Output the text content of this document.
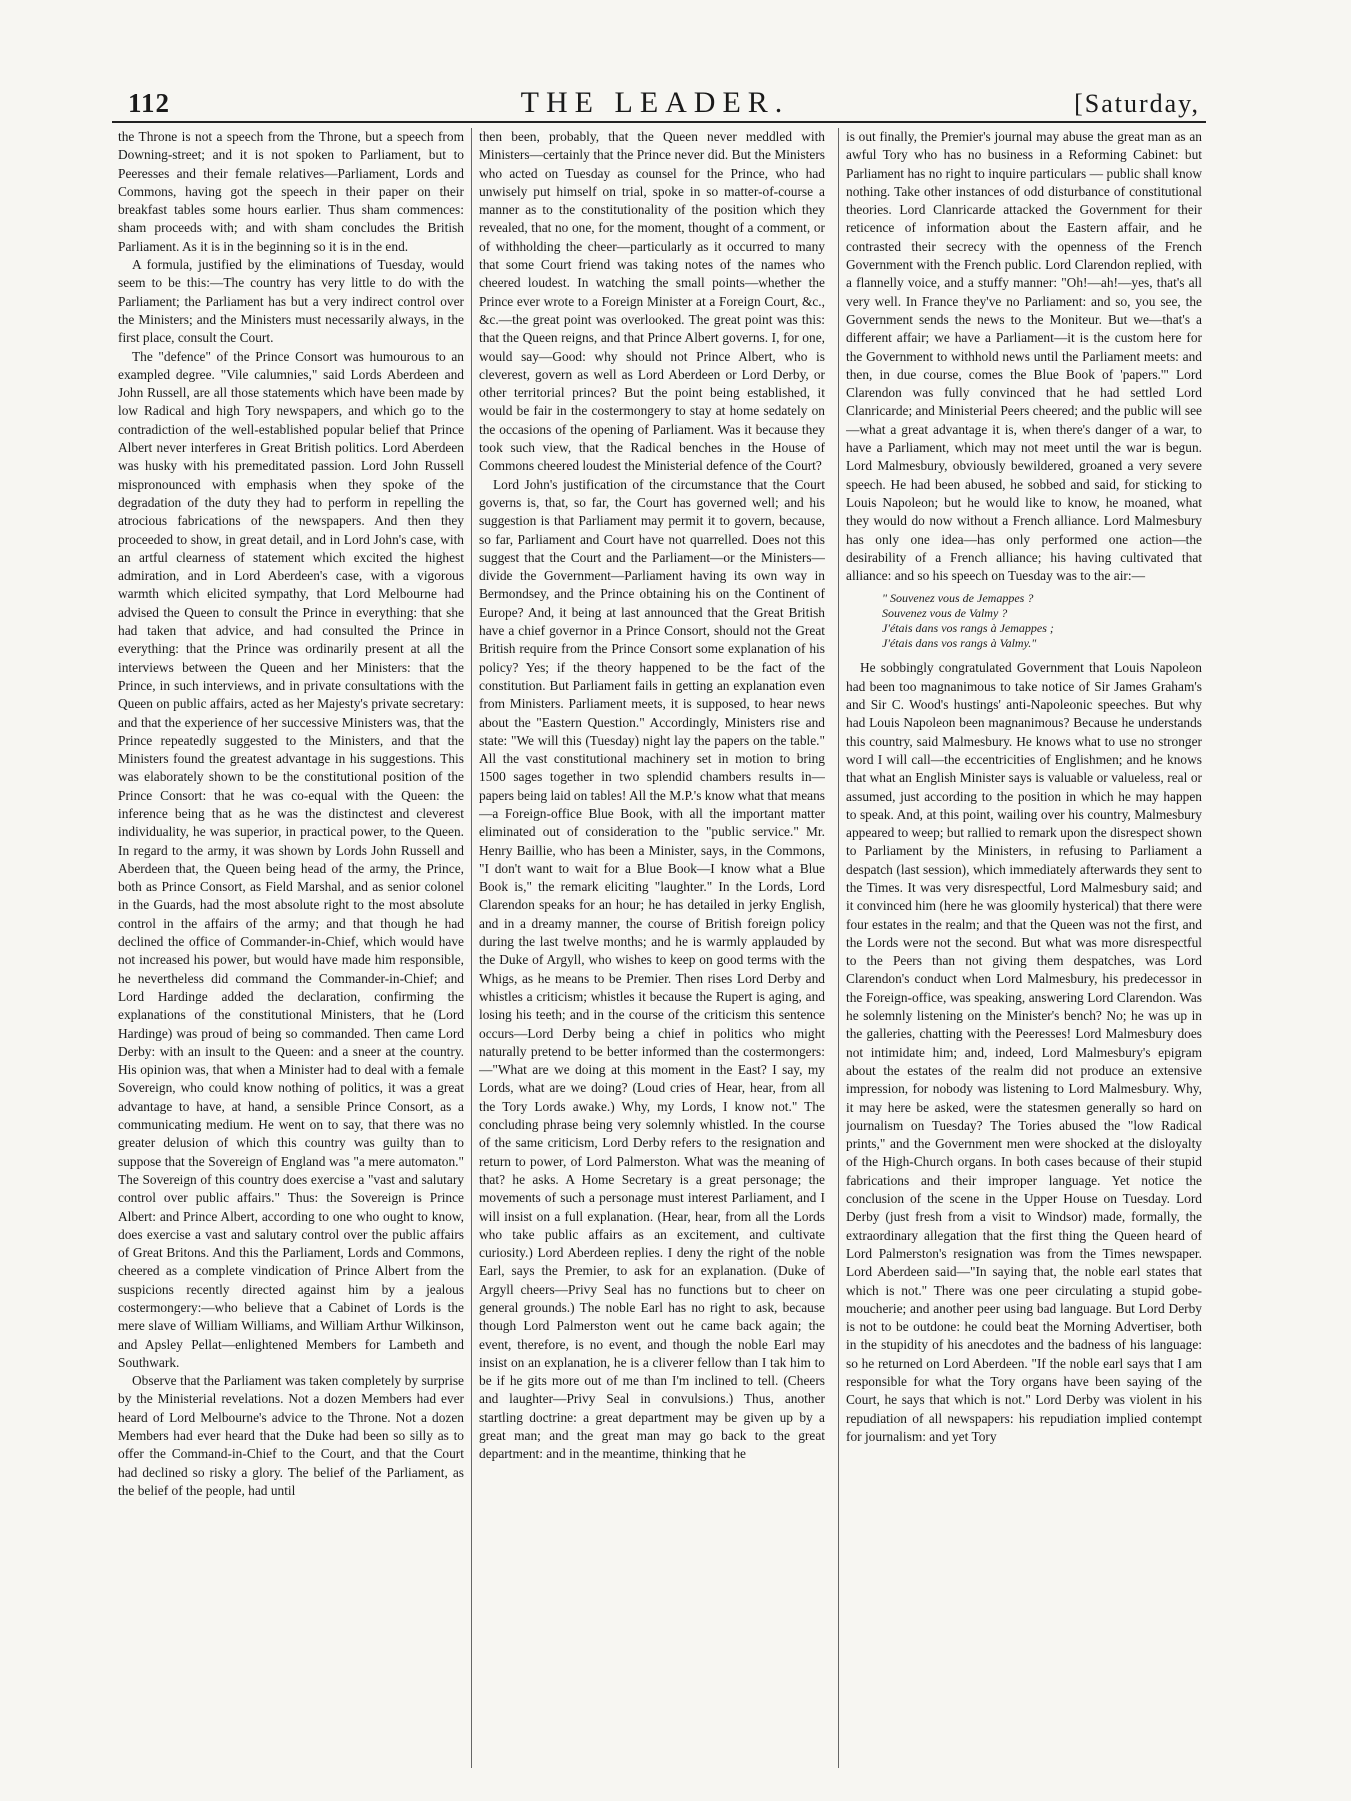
112	THE LEADER.	[Saturday,

the Throne is not a speech from the Throne, but a speech from Downing-street; and it is not spoken to Parliament, but to Peeresses and their female relatives—Parliament, Lords and Commons, having got the speech in their paper on their breakfast tables some hours earlier. Thus sham commences: sham proceeds with; and with sham concludes the British Parliament. As it is in the beginning so it is in the end.

A formula, justified by the eliminations of Tuesday, would seem to be this:—The country has very little to do with the Parliament; the Parliament has but a very indirect control over the Ministers; and the Ministers must necessarily always, in the first place, consult the Court.

The "defence" of the Prince Consort was humourous to an exampled degree. "Vile calumnies," said Lords Aberdeen and John Russell, are all those statements which have been made by low Radical and high Tory newspapers, and which go to the contradiction of the well-established popular belief that Prince Albert never interferes in Great British politics. Lord Aberdeen was husky with his premeditated passion. Lord John Russell mispronounced with emphasis when they spoke of the degradation of the duty they had to perform in repelling the atrocious fabrications of the newspapers. And then they proceeded to show, in great detail, and in Lord John's case, with an artful clearness of statement which excited the highest admiration, and in Lord Aberdeen's case, with a vigorous warmth which elicited sympathy, that Lord Melbourne had advised the Queen to consult the Prince in everything: that she had taken that advice, and had consulted the Prince in everything: that the Prince was ordinarily present at all the interviews between the Queen and her Ministers: that the Prince, in such interviews, and in private consultations with the Queen on public affairs, acted as her Majesty's private secretary: and that the experience of her successive Ministers was, that the Prince repeatedly suggested to the Ministers, and that the Ministers found the greatest advantage in his suggestions. This was elaborately shown to be the constitutional position of the Prince Consort: that he was co-equal with the Queen: the inference being that as he was the distinctest and cleverest individuality, he was superior, in practical power, to the Queen. In regard to the army, it was shown by Lords John Russell and Aberdeen that, the Queen being head of the army, the Prince, both as Prince Consort, as Field Marshal, and as senior colonel in the Guards, had the most absolute right to the most absolute control in the affairs of the army; and that though he had declined the office of Commander-in-Chief, which would have not increased his power, but would have made him responsible, he nevertheless did command the Commander-in-Chief; and Lord Hardinge added the declaration, confirming the explanations of the constitutional Ministers, that he (Lord Hardinge) was proud of being so commanded. Then came Lord Derby: with an insult to the Queen: and a sneer at the country. His opinion was, that when a Minister had to deal with a female Sovereign, who could know nothing of politics, it was a great advantage to have, at hand, a sensible Prince Consort, as a communicating medium. He went on to say, that there was no greater delusion of which this country was guilty than to suppose that the Sovereign of England was "a mere automaton." The Sovereign of this country does exercise a "vast and salutary control over public affairs." Thus: the Sovereign is Prince Albert: and Prince Albert, according to one who ought to know, does exercise a vast and salutary control over the public affairs of Great Britons. And this the Parliament, Lords and Commons, cheered as a complete vindication of Prince Albert from the suspicions recently directed against him by a jealous costermongery:—who believe that a Cabinet of Lords is the mere slave of William Williams, and William Arthur Wilkinson, and Apsley Pellat—enlightened Members for Lambeth and Southwark.

Observe that the Parliament was taken completely by surprise by the Ministerial revelations. Not a dozen Members had ever heard of Lord Melbourne's advice to the Throne. Not a dozen Members had ever heard that the Duke had been so silly as to offer the Command-in-Chief to the Court, and that the Court had declined so risky a glory. The belief of the Parliament, as the belief of the people, had until

then been, probably, that the Queen never meddled with Ministers—certainly that the Prince never did. But the Ministers who acted on Tuesday as counsel for the Prince, who had unwisely put himself on trial, spoke in so matter-of-course a manner as to the constitutionality of the position which they revealed, that no one, for the moment, thought of a comment, or of withholding the cheer—particularly as it occurred to many that some Court friend was taking notes of the names who cheered loudest. In watching the small points—whether the Prince ever wrote to a Foreign Minister at a Foreign Court, &c., &c.—the great point was overlooked. The great point was this: that the Queen reigns, and that Prince Albert governs. I, for one, would say—Good: why should not Prince Albert, who is cleverest, govern as well as Lord Aberdeen or Lord Derby, or other territorial princes? But the point being established, it would be fair in the costermongery to stay at home sedately on the occasions of the opening of Parliament. Was it because they took such view, that the Radical benches in the House of Commons cheered loudest the Ministerial defence of the Court?

Lord John's justification of the circumstance that the Court governs is, that, so far, the Court has governed well; and his suggestion is that Parliament may permit it to govern, because, so far, Parliament and Court have not quarrelled. Does not this suggest that the Court and the Parliament—or the Ministers—divide the Government—Parliament having its own way in Bermondsey, and the Prince obtaining his on the Continent of Europe? And, it being at last announced that the Great British have a chief governor in a Prince Consort, should not the Great British require from the Prince Consort some explanation of his policy? Yes; if the theory happened to be the fact of the constitution. But Parliament fails in getting an explanation even from Ministers. Parliament meets, it is supposed, to hear news about the "Eastern Question." Accordingly, Ministers rise and state: "We will this (Tuesday) night lay the papers on the table." All the vast constitutional machinery set in motion to bring 1500 sages together in two splendid chambers results in—papers being laid on tables! All the M.P.'s know what that means—a Foreign-office Blue Book, with all the important matter eliminated out of consideration to the "public service." Mr. Henry Baillie, who has been a Minister, says, in the Commons, "I don't want to wait for a Blue Book—I know what a Blue Book is," the remark eliciting "laughter." In the Lords, Lord Clarendon speaks for an hour; he has detailed in jerky English, and in a dreamy manner, the course of British foreign policy during the last twelve months; and he is warmly applauded by the Duke of Argyll, who wishes to keep on good terms with the Whigs, as he means to be Premier. Then rises Lord Derby and whistles a criticism; whistles it because the Rupert is aging, and losing his teeth; and in the course of the criticism this sentence occurs—Lord Derby being a chief in politics who might naturally pretend to be better informed than the costermongers:—"What are we doing at this moment in the East? I say, my Lords, what are we doing? (Loud cries of Hear, hear, from all the Tory Lords awake.) Why, my Lords, I know not." The concluding phrase being very solemnly whistled. In the course of the same criticism, Lord Derby refers to the resignation and return to power, of Lord Palmerston. What was the meaning of that? he asks. A Home Secretary is a great personage; the movements of such a personage must interest Parliament, and I will insist on a full explanation. (Hear, hear, from all the Lords who take public affairs as an excitement, and cultivate curiosity.) Lord Aberdeen replies. I deny the right of the noble Earl, says the Premier, to ask for an explanation. (Duke of Argyll cheers—Privy Seal has no functions but to cheer on general grounds.) The noble Earl has no right to ask, because though Lord Palmerston went out he came back again; the event, therefore, is no event, and though the noble Earl may insist on an explanation, he is a cliverer fellow than I tak him to be if he gits more out of me than I'm inclined to tell. (Cheers and laughter—Privy Seal in convulsions.) Thus, another startling doctrine: a great department may be given up by a great man; and the great man may go back to the great department: and in the meantime, thinking that he

is out finally, the Premier's journal may abuse the great man as an awful Tory who has no business in a Reforming Cabinet: but Parliament has no right to inquire particulars — public shall know nothing. Take other instances of odd disturbance of constitutional theories. Lord Clanricarde attacked the Government for their reticence of information about the Eastern affair, and he contrasted their secrecy with the openness of the French Government with the French public. Lord Clarendon replied, with a flannelly voice, and a stuffy manner: "Oh!—ah!—yes, that's all very well. In France they've no Parliament: and so, you see, the Government sends the news to the Moniteur. But we—that's a different affair; we have a Parliament—it is the custom here for the Government to withhold news until the Parliament meets: and then, in due course, comes the Blue Book of 'papers.'" Lord Clarendon was fully convinced that he had settled Lord Clanricarde; and Ministerial Peers cheered; and the public will see—what a great advantage it is, when there's danger of a war, to have a Parliament, which may not meet until the war is begun. Lord Malmesbury, obviously bewildered, groaned a very severe speech. He had been abused, he sobbed and said, for sticking to Louis Napoleon; but he would like to know, he moaned, what they would do now without a French alliance. Lord Malmesbury has only one idea—has only performed one action—the desirability of a French alliance; his having cultivated that alliance: and so his speech on Tuesday was to the air:—

" Souvenez vous de Jemappes ?
Souvenez vous de Valmy ?
J'étais dans vos rangs à Jemappes ;
J'étais dans vos rangs à Valmy."

He sobbingly congratulated Government that Louis Napoleon had been too magnanimous to take notice of Sir James Graham's and Sir C. Wood's hustings' anti-Napoleonic speeches. But why had Louis Napoleon been magnanimous? Because he understands this country, said Malmesbury. He knows what to use no stronger word I will call—the eccentricities of Englishmen; and he knows that what an English Minister says is valuable or valueless, real or assumed, just according to the position in which he may happen to speak. And, at this point, wailing over his country, Malmesbury appeared to weep; but rallied to remark upon the disrespect shown to Parliament by the Ministers, in refusing to Parliament a despatch (last session), which immediately afterwards they sent to the Times. It was very disrespectful, Lord Malmesbury said; and it convinced him (here he was gloomily hysterical) that there were four estates in the realm; and that the Queen was not the first, and the Lords were not the second. But what was more disrespectful to the Peers than not giving them despatches, was Lord Clarendon's conduct when Lord Malmesbury, his predecessor in the Foreign-office, was speaking, answering Lord Clarendon. Was he solemnly listening on the Minister's bench? No; he was up in the galleries, chatting with the Peeresses! Lord Malmesbury does not intimidate him; and, indeed, Lord Malmesbury's epigram about the estates of the realm did not produce an extensive impression, for nobody was listening to Lord Malmesbury. Why, it may here be asked, were the statesmen generally so hard on journalism on Tuesday? The Tories abused the "low Radical prints," and the Government men were shocked at the disloyalty of the High-Church organs. In both cases because of their stupid fabrications and their improper language. Yet notice the conclusion of the scene in the Upper House on Tuesday. Lord Derby (just fresh from a visit to Windsor) made, formally, the extraordinary allegation that the first thing the Queen heard of Lord Palmerston's resignation was from the Times newspaper. Lord Aberdeen said—"In saying that, the noble earl states that which is not." There was one peer circulating a stupid gobe-moucherie; and another peer using bad language. But Lord Derby is not to be outdone: he could beat the Morning Advertiser, both in the stupidity of his anecdotes and the badness of his language: so he returned on Lord Aberdeen. "If the noble earl says that I am responsible for what the Tory organs have been saying of the Court, he says that which is not." Lord Derby was violent in his repudiation of all newspapers: his repudiation implied contempt for journalism: and yet Tory
